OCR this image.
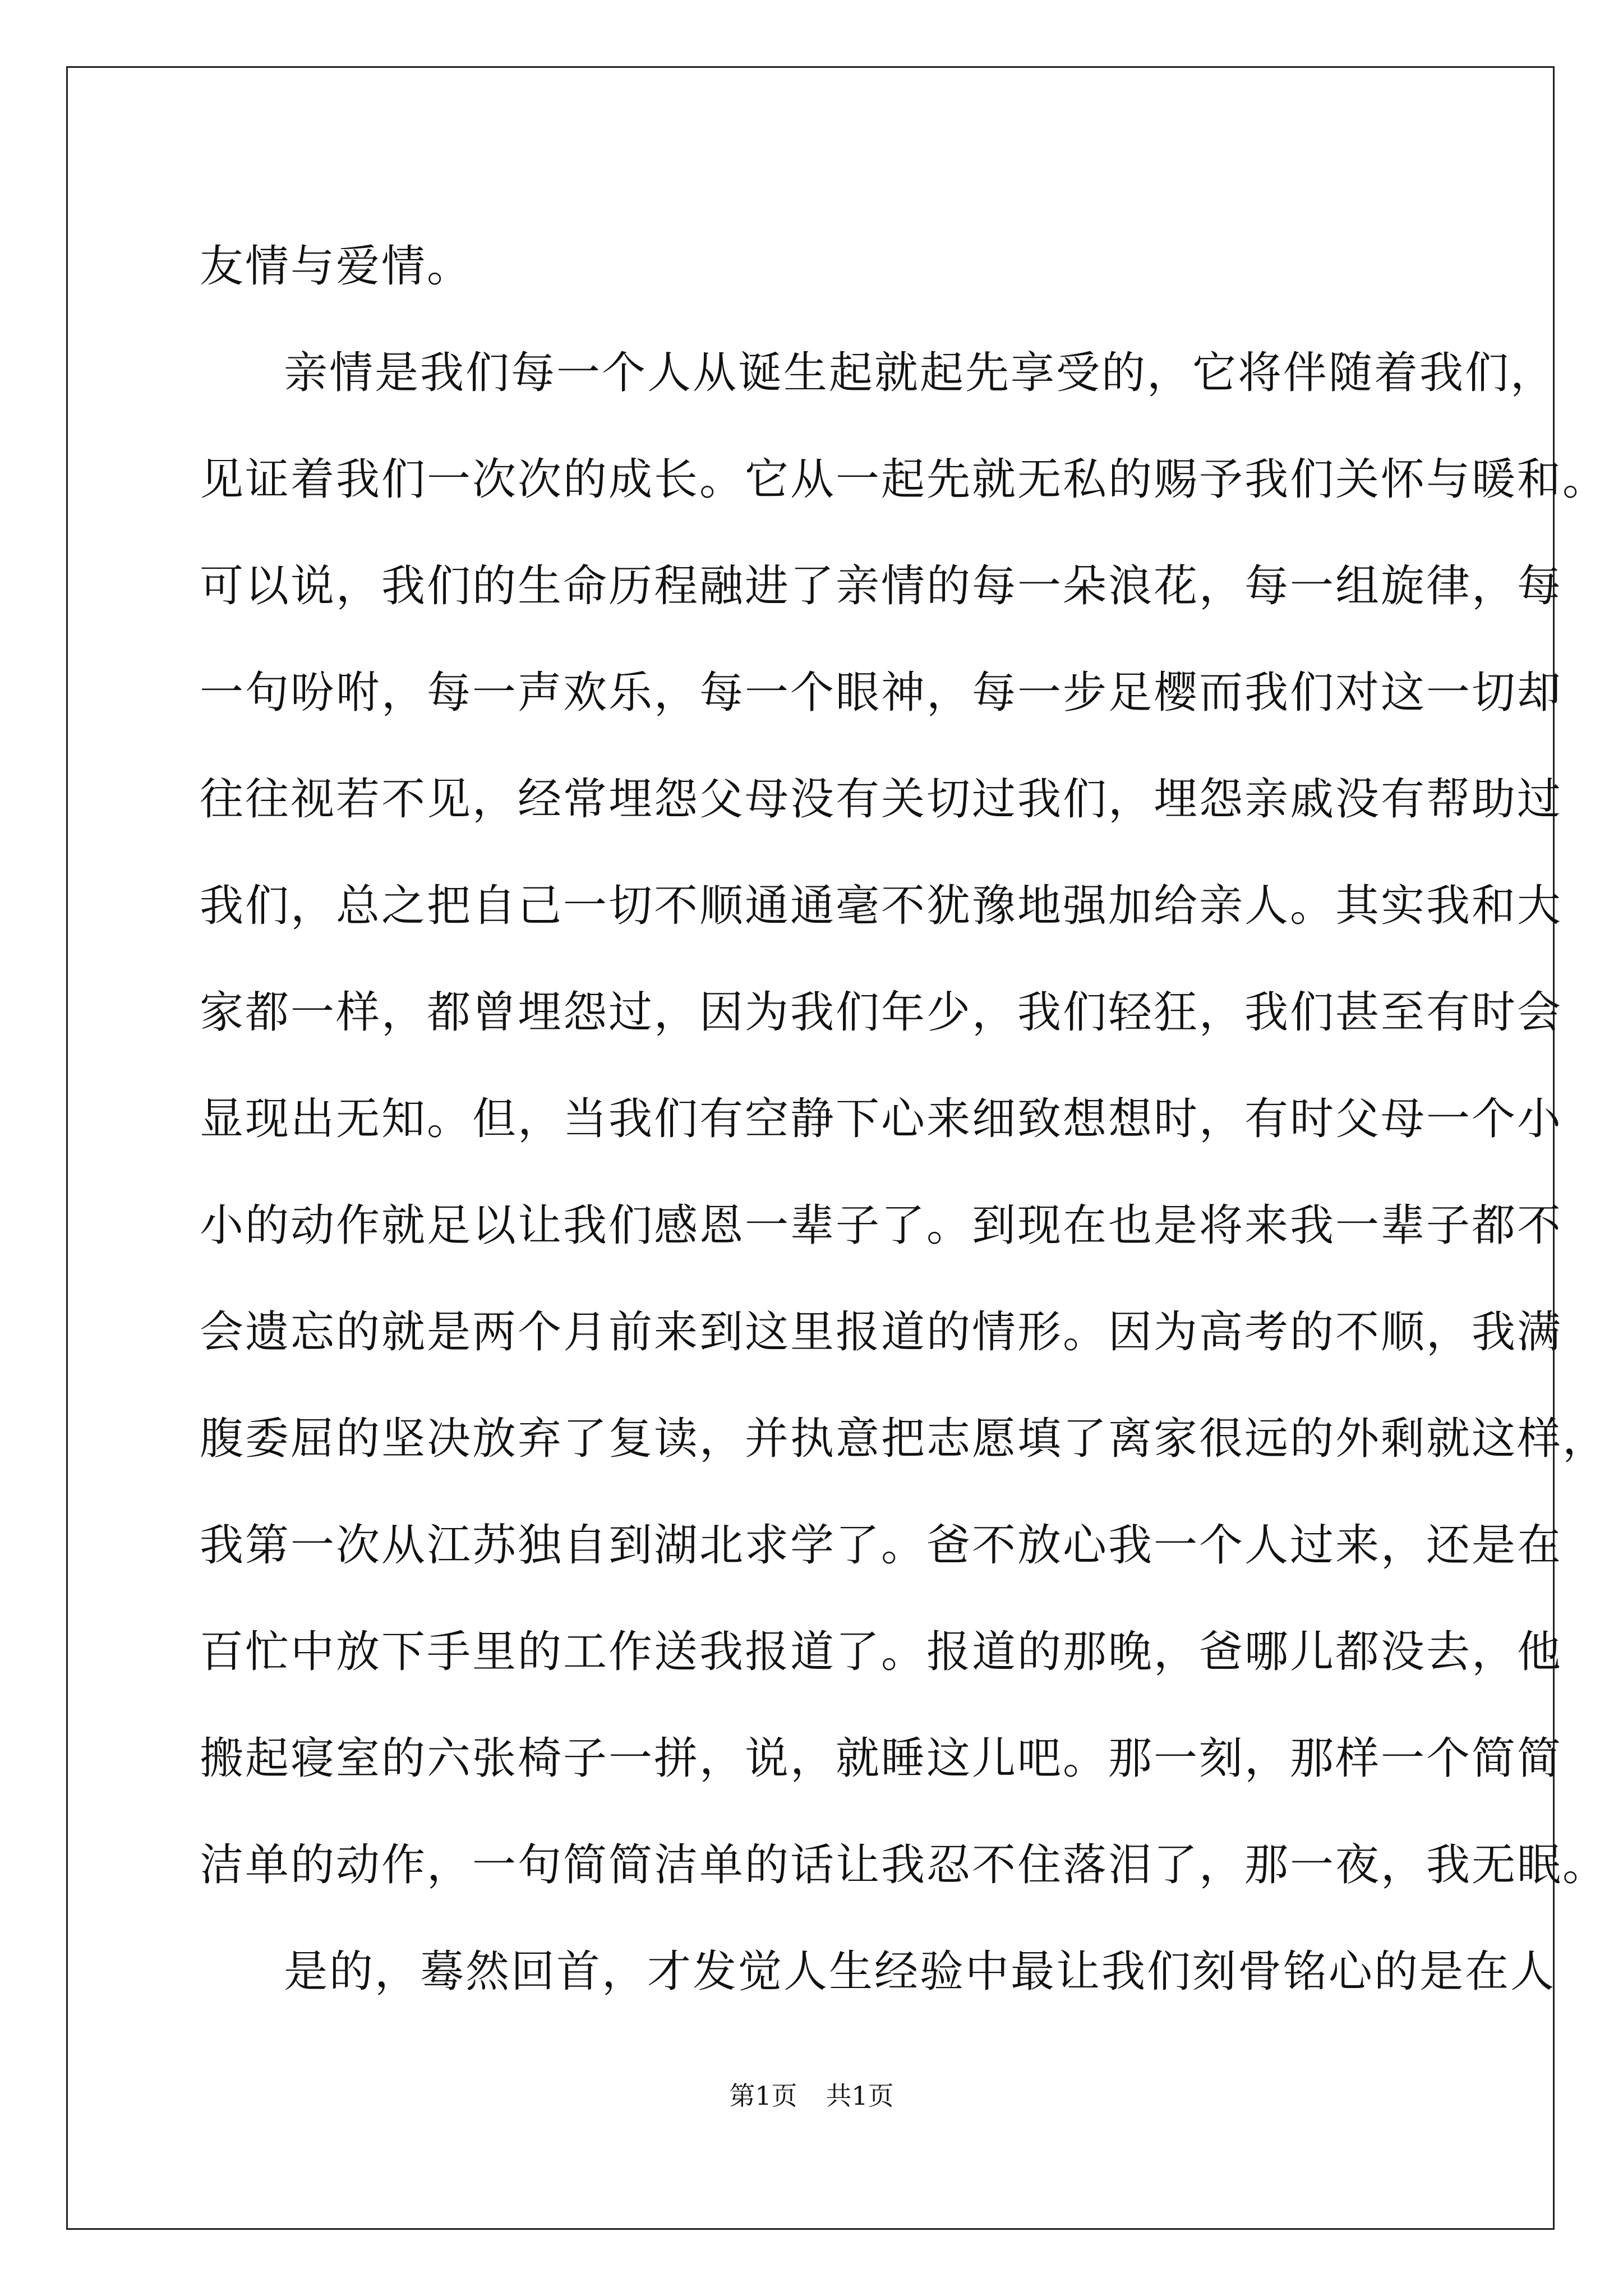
友情与爱情。
亲情是我们每一个人从诞生起就起先享受的，它将伴随着我们，
见证着我们一次次的成长。它从一起先就无私的赐予我们关怀与暖和。
可以说，我们的生命历程融进了亲情的每一朵浪花，每一组旋律，每
一句吩咐，每一声欢乐，每一个眼神，每一步足樱而我们对这一切却
往往视若不见，经常埋怨父母没有关切过我们，埋怨亲戚没有帮助过
我们，总之把自己一切不顺通通毫不犹豫地强加给亲人。其实我和大
家都一样，都曾埋怨过，因为我们年少，我们轻狂，我们甚至有时会
显现出无知。但，当我们有空静下心来细致想想时，有时父母一个小
小的动作就足以让我们感恩一辈子了。到现在也是将来我一辈子都不
会遗忘的就是两个月前来到这里报道的情形。因为高考的不顺，我满
腹委屈的坚决放弃了复读，并执意把志愿填了离家很远的外剩就这样，
我第一次从江苏独自到湖北求学了。爸不放心我一个人过来，还是在
百忙中放下手里的工作送我报道了。报道的那晚，爸哪儿都没去，他
搬起寝室的六张椅子一拼，说，就睡这儿吧。那一刻，那样一个简简
洁单的动作，一句简简洁单的话让我忍不住落泪了，那一夜，我无眠。
是的，蓦然回首，才发觉人生经验中最让我们刻骨铭心的是在人
第1页 共1页
